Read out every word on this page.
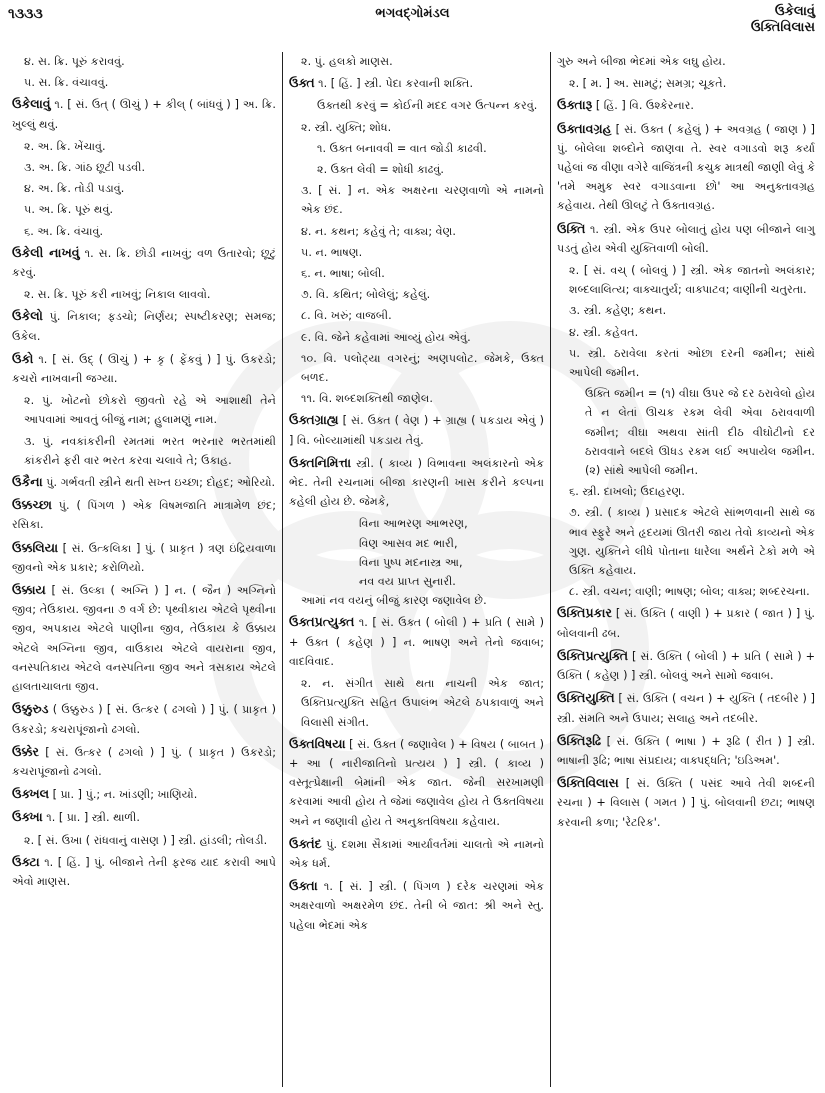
૧૩૩૩	ભગવદ્ગોમંડલ	ઉકેલાવું
ઉક્તિવિલાસ
૪. સ. ક્રિ. પૂરું કરાવવું.
૫. સ. ક્રિ. વંચાવવું.
ઉકેલાવું ૧. [ સં. ઉત્ ( ઊચું ) + કીલ્ ( બાંધવું ) ] અ. ક્રિ. ખુલ્લું થવું.
૨. અ. ક્રિ. ખેંચાવું.
૩. અ. ક્રિ. ગાંઠ છૂટી પડવી.
૪. અ. ક્રિ. તોડી પડાવું.
૫. અ. ક્રિ. પૂરું થવું.
૬. અ. ક્રિ. વંચાવું.
ઉકેલી નાખવું ૧. સ. ક્રિ. છોડી નાખવું; વળ ઉતારવો; છૂટું કરવું.
૨. સ. ક્રિ. પૂરું કરી નાખવું; નિકાલ લાવવો.
ઉકેલો પું. નિકાલ; ફડચો; નિર્ણય; સ્પષ્ટીકરણ; સમજ; ઉકેલ.
ઉકો ૧. [ સં. ઉદ્ ( ઊચું ) + કૃ ( ફેંકવું ) ] પું. ઉકરડો; કચરો નાખવાની જગ્યા.
૨. પું. ખોટનો છોકરો જીવતો રહે એ આશાથી તેને આપવામાં આવતું બીજું નામ; હુલામણું નામ.
૩. પું. નવકાંકરીની રમતમાં ભરત ભરનાર ભરતમાંથી કાંકરીને ફરી વાર ભરત કરવા ચલાવે તે; ઉકાહ.
ઉકૈના પું. ગર્ભવતી સ્ત્રીને થતી સખ્ત ઇચ્છા; દોહદ; ઓરિયો.
ઉક્કચ્છા પું. ( પિંગળ ) એક વિષમજાતિ માત્રામેળ છંદ; રસિકા.
ઉક્કલિયા [ સં. ઉત્કલિકા ] પું. ( પ્રાકૃત ) ત્રણ ઇંદ્રિયવાળા જીવનો એક પ્રકાર; કરોળિયો.
ઉક્કાય [ સં. ઉલ્કા ( અગ્નિ ) ] ન. ( જૈન ) અગ્નિનો જીવ; તેઉકાય. જીવના ૭ વર્ગ છે: પૃથ્વીકાય એટલે પૃથ્વીના જીવ, અપકાય એટલે પાણીના જીવ, તેઉકાય કે ઉક્કાય એટલે અગ્નિના જીવ, વાઉકાય એટલે વાયરાના જીવ, વનસ્પતિકાય એટલે વનસ્પતિના જીવ અને ત્રસકાય એટલે હાલતાચાલતા જીવ.
ઉક્કુરુડ ( ઉક્કુરુડ ) [ સં. ઉત્કર ( ઢગલો ) ] પું. ( પ્રાકૃત ) ઉકરડો; કચરાપૂંજાનો ઢગલો.
ઉક્કેર [ સં. ઉત્કર ( ઢગલો ) ] પું. ( પ્રાકૃત ) ઉકરડો; કચરાપૂંજાનો ઢગલો.
ઉક્ખલ [ પ્રા. ] પું.; ન. ખાંડણી; ખાણિયો.
ઉક્ખા ૧. [ પ્રા. ] સ્ત્રી. થાળી.
૨. [ સં. ઉખા ( રાંધવાનું વાસણ ) ] સ્ત્રી. હાંડલી; તોલડી.
ઉક્ટા ૧. [ હિં. ] પું. બીજાને તેની ફરજ યાદ કરાવી આપે એવો માણસ.
૨. પું. હલકો માણસ.
ઉક્ત ૧. [ હિં. ] સ્ત્રી. પેદા કરવાની શક્તિ.
ઉક્તથી કરવું = કોઈની મદદ વગર ઉત્પન્ન કરવું.
૨. સ્ત્રી. યુક્તિ; શોધ.
૧. ઉક્ત બનાવવી = વાત જોડી કાઢવી.
૨. ઉક્ત લેવી = શોધી કાઢવું.
૩. [ સં. ] ન. એક અક્ષરના ચરણવાળો એ નામનો એક છંદ.
૪. ન. કથન; કહેવું તે; વાક્ય; વેણ.
૫. ન. ભાષણ.
૬. ન. ભાષા; બોલી.
૭. વિ. કથિત; બોલેલું; કહેલું.
૮. વિ. ખરું; વાજબી.
૯. વિ. જેને કહેવામાં આવ્યું હોય એવું.
૧૦. વિ. પલોટ્યા વગરનું; અણપલોટ. જેમકે, ઉક્ત બળદ.
૧૧. વિ. શબ્દશક્તિથી જાણેલ.
ઉક્તગ્રાહ્ય [ સં. ઉક્ત ( વેણ ) + ગ્રાહ્ય ( પકડાય એવું ) ] વિ. બોલ્યામાંથી પકડાય તેવું.
ઉક્તનિમિત્તા સ્ત્રી. ( કાવ્ય ) વિભાવના અલંકારનો એક ભેદ. તેની રચનામાં બીજા કારણની ખાસ કરીને કલ્પના કહેલી હોય છે. જેમકે,
વિના આભરણ આભરણ,
વિણ આસવ મદ ભારી,
વિના પુષ્પ મદનાસ્ત્ર આ,
નવ વય પ્રાપ્ત સુનારી.
આમાં નવ વયનું બીજું કારણ જણાવેલ છે.
ઉક્તપ્રત્યુક્ત ૧. [ સં. ઉક્ત ( બોલી ) + પ્રતિ ( સામે ) + ઉક્ત ( કહેણ ) ] ન. ભાષણ અને તેનો જવાબ; વાદવિવાદ.
૨. ન. સંગીત સાથે થતા નાચની એક જાત; ઉક્તિપ્રત્યુક્તિ સહિત ઉપાલંભ એટલે ઠપકાવાળું અને વિલાસી સંગીત.
ઉક્તવિષયા [ સં. ઉક્ત ( જણાવેલ ) + વિષય ( બાબત ) + આ ( નારીજાતિનો પ્રત્યય ) ] સ્ત્રી. ( કાવ્ય ) વસ્તૂત્પ્રેક્ષાની બેમાંની એક જાત. જેની સરખામણી કરવામાં આવી હોય તે જેમાં જણાવેલ હોય તે ઉક્તવિષયા અને ન જણાવી હોય તે અનુક્તવિષયા કહેવાય.
ઉક્તંદ પું. દશમા સૈકામાં આર્યાવર્તમાં ચાલતો એ નામનો એક ધર્મ.
ઉક્તા ૧. [ સં. ] સ્ત્રી. ( પિંગળ ) દરેક ચરણમાં એક અક્ષરવાળો અક્ષરમેળ છંદ. તેની બે જાત: શ્રી અને સ્તુ. પહેલા ભેદમાં એક
ગુરુ અને બીજા ભેદમાં એક લઘુ હોય.
૨. [ મ. ] અ. સામટું; સમગ્ર; ચૂકતે.
ઉક્તારૂ [ હિં. ] વિ. ઉશ્કેરનાર.
ઉક્તાવગ્રહ [ સં. ઉક્ત ( કહેલું ) + અવગ્રહ ( જાણ ) ] પું. બોલેલા શબ્દોને જાણવા તે. સ્વર વગાડવો શરૂ કર્યા પહેલાં જ વીણા વગેરે વાજિંત્રની કચુક માત્રથી જાણી લેવું કે 'તમે અમુક સ્વર વગાડવાના છો' આ અનુક્તાવગ્રહ કહેવાય. તેથી ઊલટું તે ઉક્તાવગ્રહ.
ઉક્તિ ૧. સ્ત્રી. એક ઉપર બોલાતું હોય પણ બીજાને લાગુ પડતું હોય એવી યુક્તિવાળી બોલી.
૨. [ સં. વચ્ ( બોલવું ) ] સ્ત્રી. એક જાતનો અલંકાર; શબ્દલાલિત્ય; વાક્ચાતુર્ય; વાક્પાટવ; વાણીની ચતુરતા.
૩. સ્ત્રી. કહેણ; કથન.
૪. સ્ત્રી. કહેવત.
૫. સ્ત્રી. ઠરાવેલા કરતાં ઓછા દરની જમીન; સાંથે આપેલી જમીન.
ઉક્તિ જમીન = (૧) વીઘા ઉપર જે દર ઠરાવેલો હોય તે ન લેતાં ઊચક રકમ લેવી એવા ઠરાવવાળી જમીન; વીઘા અથવા સાંતી દીઠ વીઘોટીનો દર ઠરાવવાને બદલે ઊધડ રકમ લઈ અપાયેલ જમીન. (૨) સાંથે આપેલી જમીન.
૬. સ્ત્રી. દાખલો; ઉદાહરણ.
૭. સ્ત્રી. ( કાવ્ય ) પ્રસાદક એટલે સાંભળવાની સાથે જ ભાવ સ્ફુરે અને હૃદયમાં ઊતરી જાય તેવો કાવ્યનો એક ગુણ. યુક્તિને લીધે પોતાના ધારેલા અર્થને ટેકો મળે એ ઉક્તિ કહેવાય.
૮. સ્ત્રી. વચન; વાણી; ભાષણ; બોલ; વાક્ય; શબ્દરચના.
ઉક્તિપ્રકાર [ સં. ઉક્તિ ( વાણી ) + પ્રકાર ( જાત ) ] પું. બોલવાની ઢબ.
ઉક્તિપ્રત્યુક્તિ [ સં. ઉક્તિ ( બોલી ) + પ્રતિ ( સામે ) + ઉક્તિ ( કહેણ ) ] સ્ત્રી. બોલવું અને સામો જવાબ.
ઉક્તિયુક્તિ [ સં. ઉક્તિ ( વચન ) + યુક્તિ ( તદબીર ) ] સ્ત્રી. સંમતિ અને ઉપાય; સલાહ અને તદબીર.
ઉક્તિરૂઢિ [ સં. ઉક્તિ ( ભાષા ) + રૂઢિ ( રીત ) ] સ્ત્રી. ભાષાની રૂઢિ; ભાષા સંપ્રદાય; વાક્પદ્ધતિ; 'ઇડિઅમ'.
ઉક્તિવિલાસ [ સં. ઉક્તિ ( પસંદ આવે તેવી શબ્દની રચના ) + વિલાસ ( ગમત ) ] પું. બોલવાની છટા; ભાષણ કરવાની કળા; 'રેટરિક'.
